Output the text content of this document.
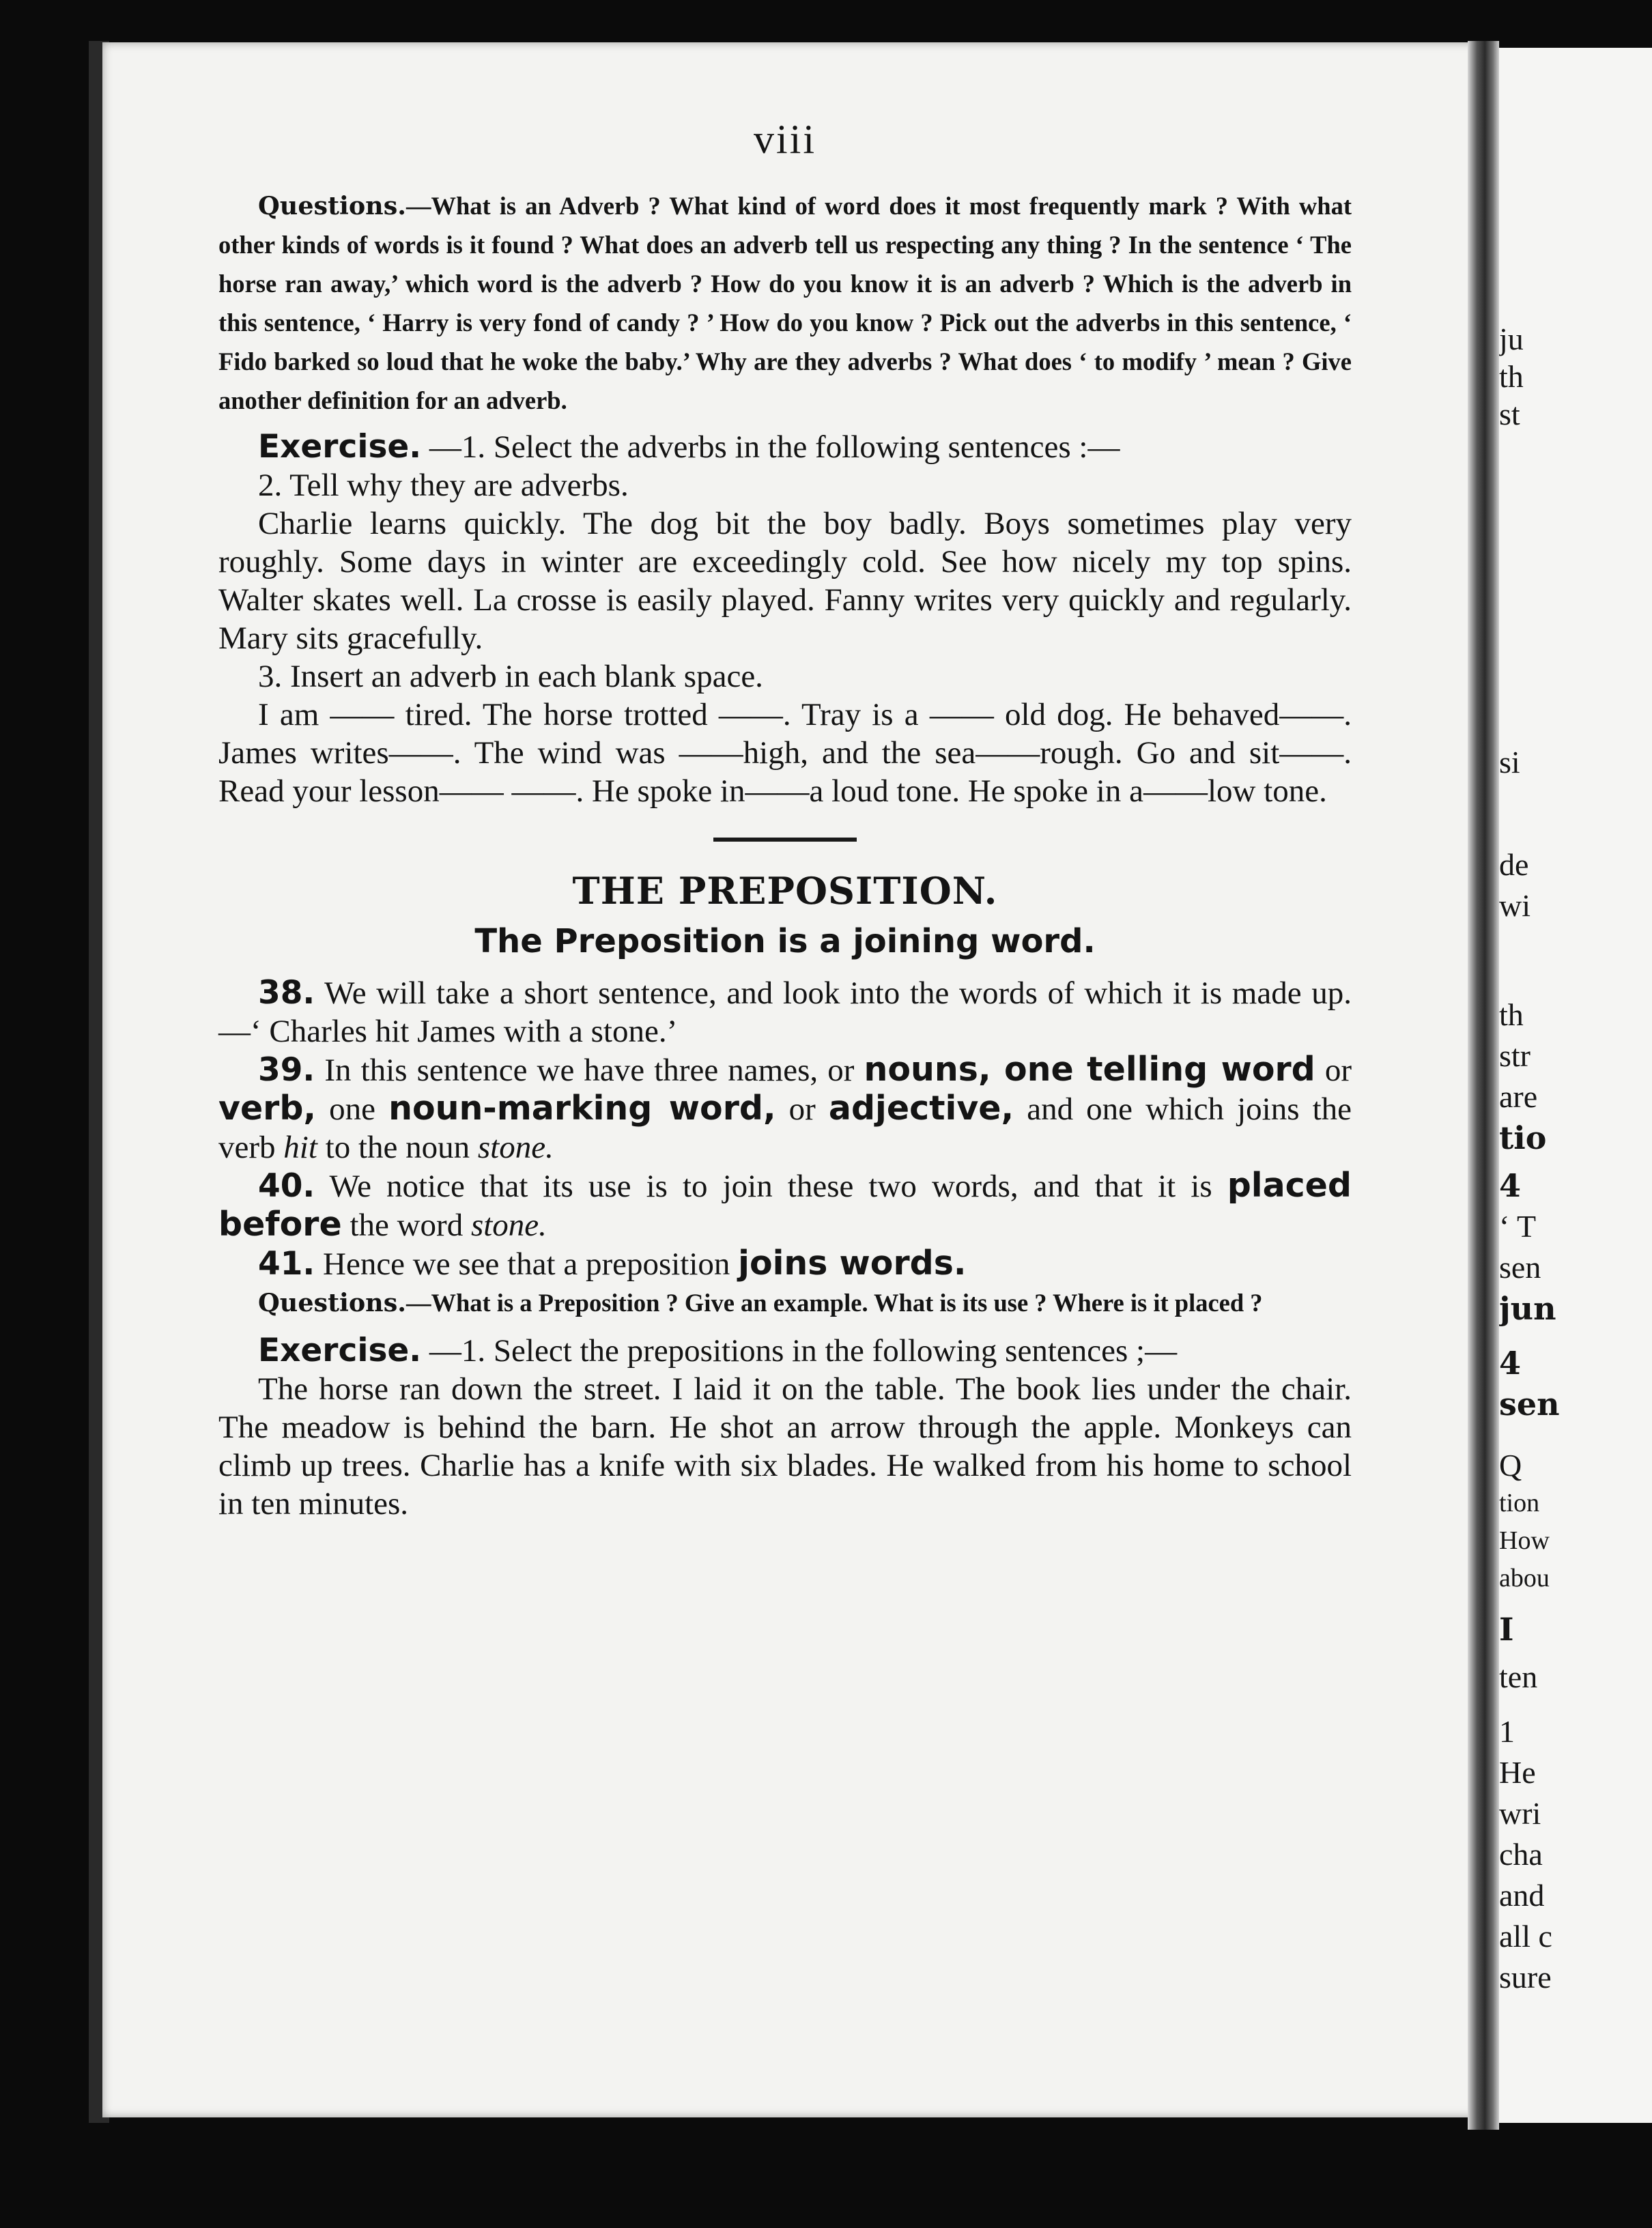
ju
th
st
si
de
wi
th
str
are
tio
4
‘ T
sen
jun
4
sen
Q
tion
How
abou
I
ten
1
He
wri
cha
and
all c
sure
viii

Questions.—What is an Adverb ? What kind of word does it most frequently mark ? With what other kinds of words is it found ? What does an adverb tell us respecting any thing ? In the sentence ‘ The horse ran away,’ which word is the adverb ? How do you know it is an adverb ? Which is the adverb in this sentence, ‘ Harry is very fond of candy ? ’ How do you know ? Pick out the adverbs in this sentence, ‘ Fido barked so loud that he woke the baby.’ Why are they adverbs ? What does ‘ to modify ’ mean ? Give another definition for an adverb.

Exercise. —1. Select the adverbs in the following sentences :—

2. Tell why they are adverbs.

Charlie learns quickly. The dog bit the boy badly. Boys sometimes play very roughly. Some days in winter are exceedingly cold. See how nicely my top spins. Walter skates well. La crosse is easily played. Fanny writes very quickly and regularly. Mary sits gracefully.

3. Insert an adverb in each blank space.

I am —— tired. The horse trotted ——. Tray is a —— old dog. He behaved——. James writes——. The wind was ——high, and the sea——rough. Go and sit——. Read your lesson—— ——. He spoke in——a loud tone. He spoke in a——low tone.

THE PREPOSITION.
The Preposition is a joining word.

38. We will take a short sentence, and look into the words of which it is made up.—‘ Charles hit James with a stone.’

39. In this sentence we have three names, or nouns, one telling word or verb, one noun-marking word, or adjective, and one which joins the verb hit to the noun stone.

40. We notice that its use is to join these two words, and that it is placed before the word stone.

41. Hence we see that a preposition joins words.

Questions.—What is a Preposition ? Give an example. What is its use ? Where is it placed ?

Exercise. —1. Select the prepositions in the following sentences ;—

The horse ran down the street. I laid it on the table. The book lies under the chair. The meadow is behind the barn. He shot an arrow through the apple. Monkeys can climb up trees. Charlie has a knife with six blades. He walked from his home to school in ten minutes.
